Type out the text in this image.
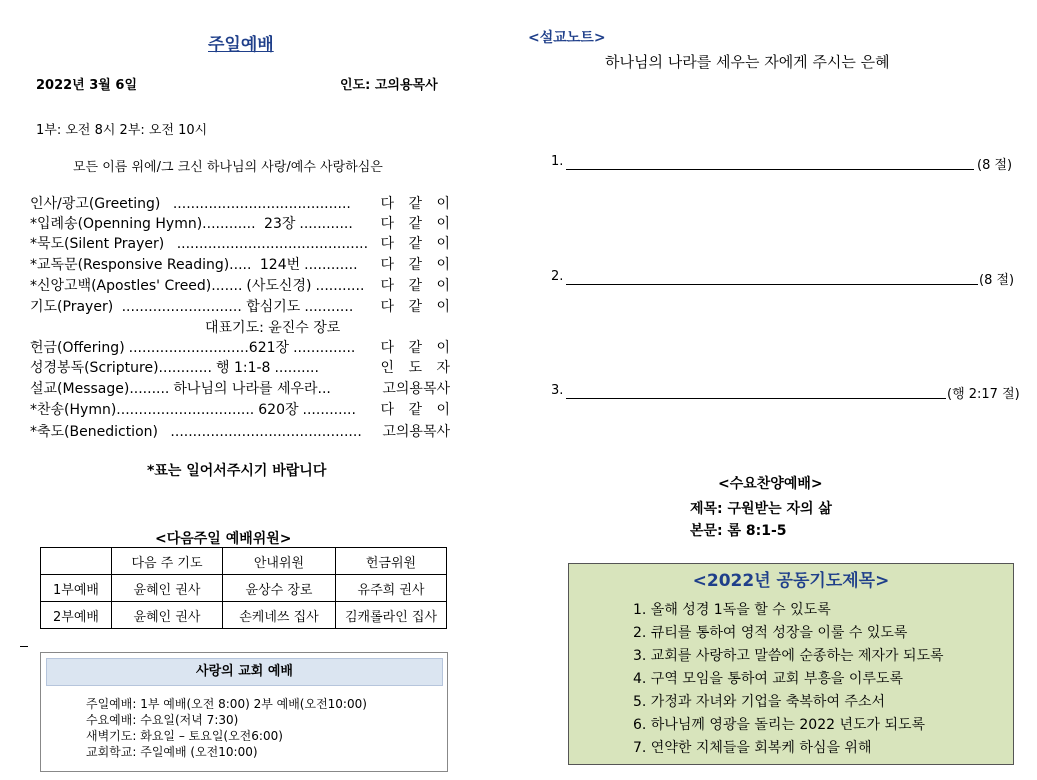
주일예배
2022년 3월 6일	인도: 고의용목사
1부: 오전 8시 2부: 오전 10시
모든 이름 위에/그 크신 하나님의 사랑/예수 사랑하심은
인사/광고(Greeting) ........................................ 다 같 이
*입례송(Openning Hymn)............ 23장 ............ 다 같 이
*묵도(Silent Prayer) ........................................... 다 같 이
*교독문(Responsive Reading)..... 124번 ............ 다 같 이
*신앙고백(Apostles' Creed)....... (사도신경) ........... 다 같 이
기도(Prayer) ........................... 합심기도 ........... 다 같 이
대표기도: 윤진수 장로
헌금(Offering) ...........................621장 .............. 다 같 이
성경봉독(Scripture)............ 행 1:1-8 ..........	인 도 자
설교(Message)......... 하나님의 나라를 세우라...	고의용목사
*찬송(Hymn)............................... 620장 ............ 다 같 이
*축도(Benediction) ........................................... 고의용목사
*표는 일어서주시기 바랍니다
<다음주일 예배위원>
	다음 주 기도	안내위원	헌금위원
1부예배	윤혜인 권사	윤상수 장로	유주희 권사
2부예배	윤혜인 권사	손케네쓰 집사	김캐롤라인 집사
사랑의 교회 예배
주일예배: 1부 예배(오전 8:00) 2부 예배(오전10:00)
수요예배: 수요일(저녁 7:30)
새벽기도: 화요일 – 토요일(오전6:00)
교회학교: 주일예배 (오전10:00)
<설교노트>
하나님의 나라를 세우는 자에게 주시는 은혜
1.	(8 절)
2.	(8 절)
3.	(행 2:17 절)
<수요찬양예배>
제목: 구원받는 자의 삶
본문: 롬 8:1-5
<2022년 공동기도제목>
1. 올해 성경 1독을 할 수 있도록
2. 큐티를 통하여 영적 성장을 이룰 수 있도록
3. 교회를 사랑하고 말씀에 순종하는 제자가 되도록
4. 구역 모임을 통하여 교회 부흥을 이루도록
5. 가정과 자녀와 기업을 축복하여 주소서
6. 하나님께 영광을 돌리는 2022 년도가 되도록
7. 연약한 지체들을 회복케 하심을 위해
